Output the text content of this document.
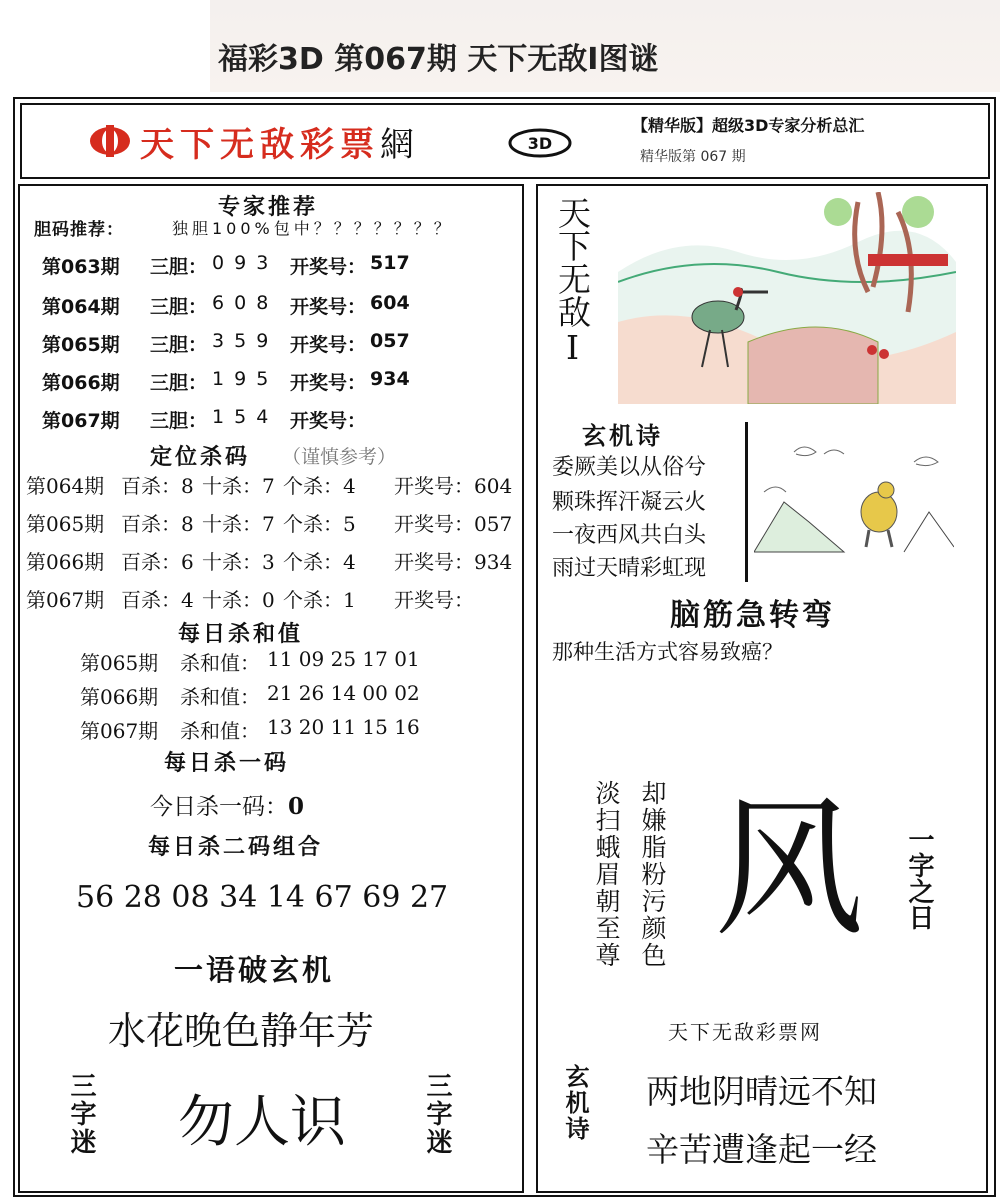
福彩3D 第067期 天下无敌Ⅰ图谜
天下无敌彩票網	3D
【精华版】超级3D专家分析总汇
精华版第 067 期
专家推荐
胆码推荐：	独胆100%包中？？？？？？？
第063期 三胆： 0 9 3 开奖号： 517
第064期 三胆： 6 0 8 开奖号： 604
第065期 三胆： 3 5 9 开奖号： 057
第066期 三胆： 1 9 5 开奖号： 934
第067期 三胆： 1 5 4 开奖号：
定位杀码 （谨慎参考）
第064期 百杀：8 十杀：7 个杀：4 开奖号：604
第065期 百杀：8 十杀：7 个杀：5 开奖号：057
第066期 百杀：6 十杀：3 个杀：4 开奖号：934
第067期 百杀：4 十杀：0 个杀：1 开奖号：
每日杀和值
第065期 杀和值： 11 09 25 17 01
第066期 杀和值： 21 26 14 00 02
第067期 杀和值： 13 20 11 15 16
每日杀一码
今日杀一码：0
每日杀二码组合
56 28 08 34 14 67 69 27
一语破玄机
水花晚色静年芳
三字迷 勿人识	三字迷
天下无敌Ⅰ
玄机诗
委厥美以从俗兮
颗珠挥汗凝云火
一夜西风共白头
雨过天晴彩虹现
脑筋急转弯
那种生活方式容易致癌？
淡扫蛾眉朝至尊 却嫌脂粉污颜色 风 一字之日
天下无敌彩票网
玄机诗 两地阴晴远不知
辛苦遭逢起一经
